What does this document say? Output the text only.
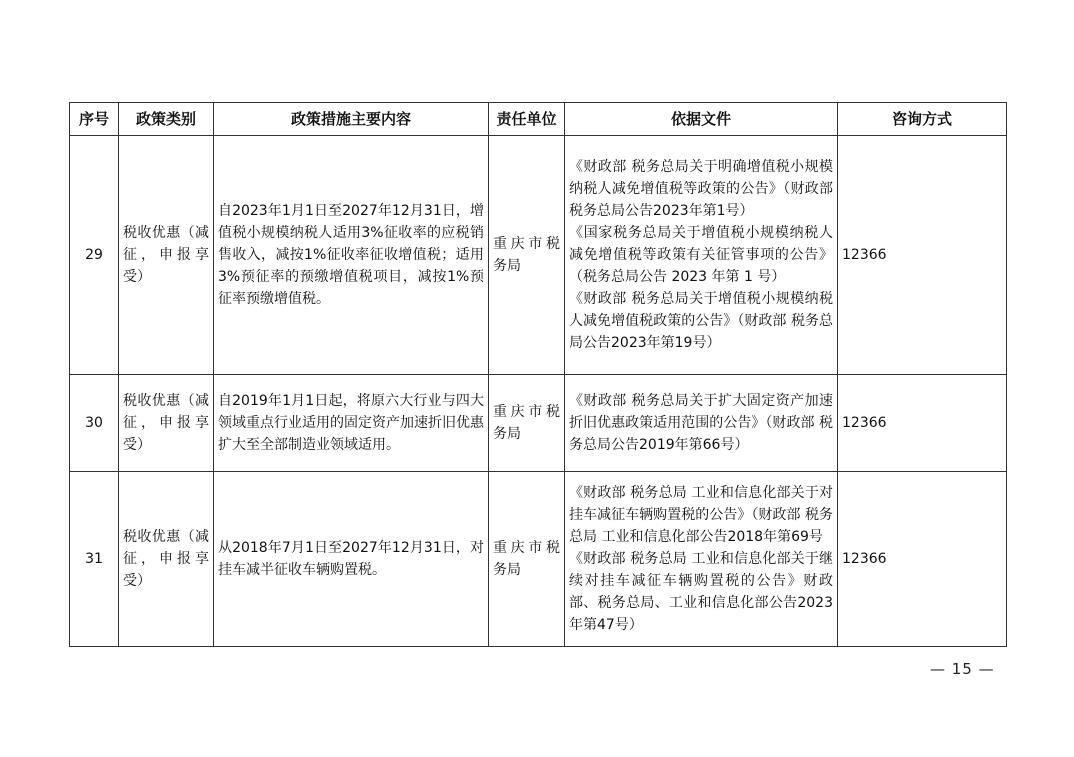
序号	政策类别	政策措施主要内容	责任单位	依据文件	咨询方式
29	税收优惠（减征，申报享受）	自2023年1月1日至2027年12月31日，增值税小规模纳税人适用3%征收率的应税销售收入，减按1%征收率征收增值税；适用3%预征率的预缴增值税项目，减按1%预征率预缴增值税。	重庆市税务局	《财政部 税务总局关于明确增值税小规模纳税人减免增值税等政策的公告》（财政部 税务总局公告2023年第1号）
《国家税务总局关于增值税小规模纳税人减免增值税等政策有关征管事项的公告》（税务总局公告 2023 年第 1 号）
《财政部 税务总局关于增值税小规模纳税人减免增值税政策的公告》（财政部 税务总局公告2023年第19号）	12366
30	税收优惠（减征，申报享受）	自2019年1月1日起，将原六大行业与四大领域重点行业适用的固定资产加速折旧优惠扩大至全部制造业领域适用。	重庆市税务局	《财政部 税务总局关于扩大固定资产加速折旧优惠政策适用范围的公告》（财政部 税务总局公告2019年第66号）	12366
31	税收优惠（减征，申报享受）	从2018年7月1日至2027年12月31日，对挂车减半征收车辆购置税。	重庆市税务局	《财政部 税务总局 工业和信息化部关于对挂车减征车辆购置税的公告》（财政部 税务总局 工业和信息化部公告2018年第69号
《财政部 税务总局 工业和信息化部关于继续对挂车减征车辆购置税的公告》财政部、税务总局、工业和信息化部公告2023年第47号）	12366
— 15 —
